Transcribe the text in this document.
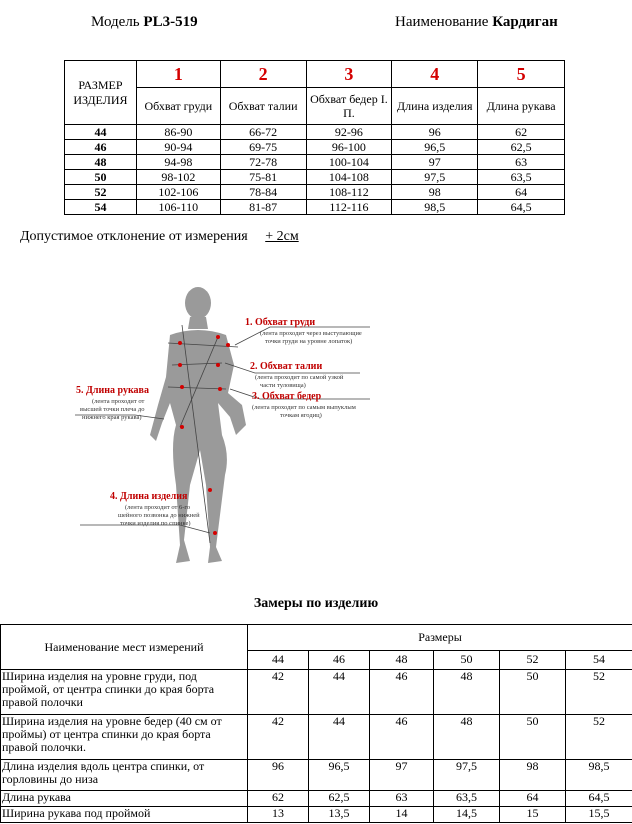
Модель PL3-519	Наименование Кардиган
РАЗМЕР ИЗДЕЛИЯ	1	2	3	4	5
	Обхват груди	Обхват талии	Обхват бедер I. П.	Длина изделия	Длина рукава
44	86-90	66-72	92-96	96	62
46	90-94	69-75	96-100	96,5	62,5
48	94-98	72-78	100-104	97	63
50	98-102	75-81	104-108	97,5	63,5
52	102-106	78-84	108-112	98	64
54	106-110	81-87	112-116	98,5	64,5
Допустимое отклонение от измерения + 2см
1. Обхват груди
(лента проходит через выступающие
точки груди на уровне лопаток)
2. Обхват талии
(лента проходит по самой узкой
части туловища)
3. Обхват бедер
(лента проходит по самым выпуклым
точкам ягодиц)
4. Длина изделия
(лента проходит от 6-го
шейного позвонка до нижней
точки изделия по спинке)
5. Длина рукава
(лента проходит от
высшей точки плеча до
нижнего края рукава)
Замеры по изделию
Наименование мест измерений	Размеры					
	44	46	48	50	52	54
Ширина изделия на уровне груди, под проймой, от центра спинки до края борта правой полочки	42	44	46	48	50	52
Ширина изделия на уровне бедер (40 см от проймы) от центра спинки до края борта правой полочки.	42	44	46	48	50	52
Длина изделия вдоль центра спинки, от горловины до низа	96	96,5	97	97,5	98	98,5
Длина рукава	62	62,5	63	63,5	64	64,5
Ширина рукава под проймой	13	13,5	14	14,5	15	15,5
